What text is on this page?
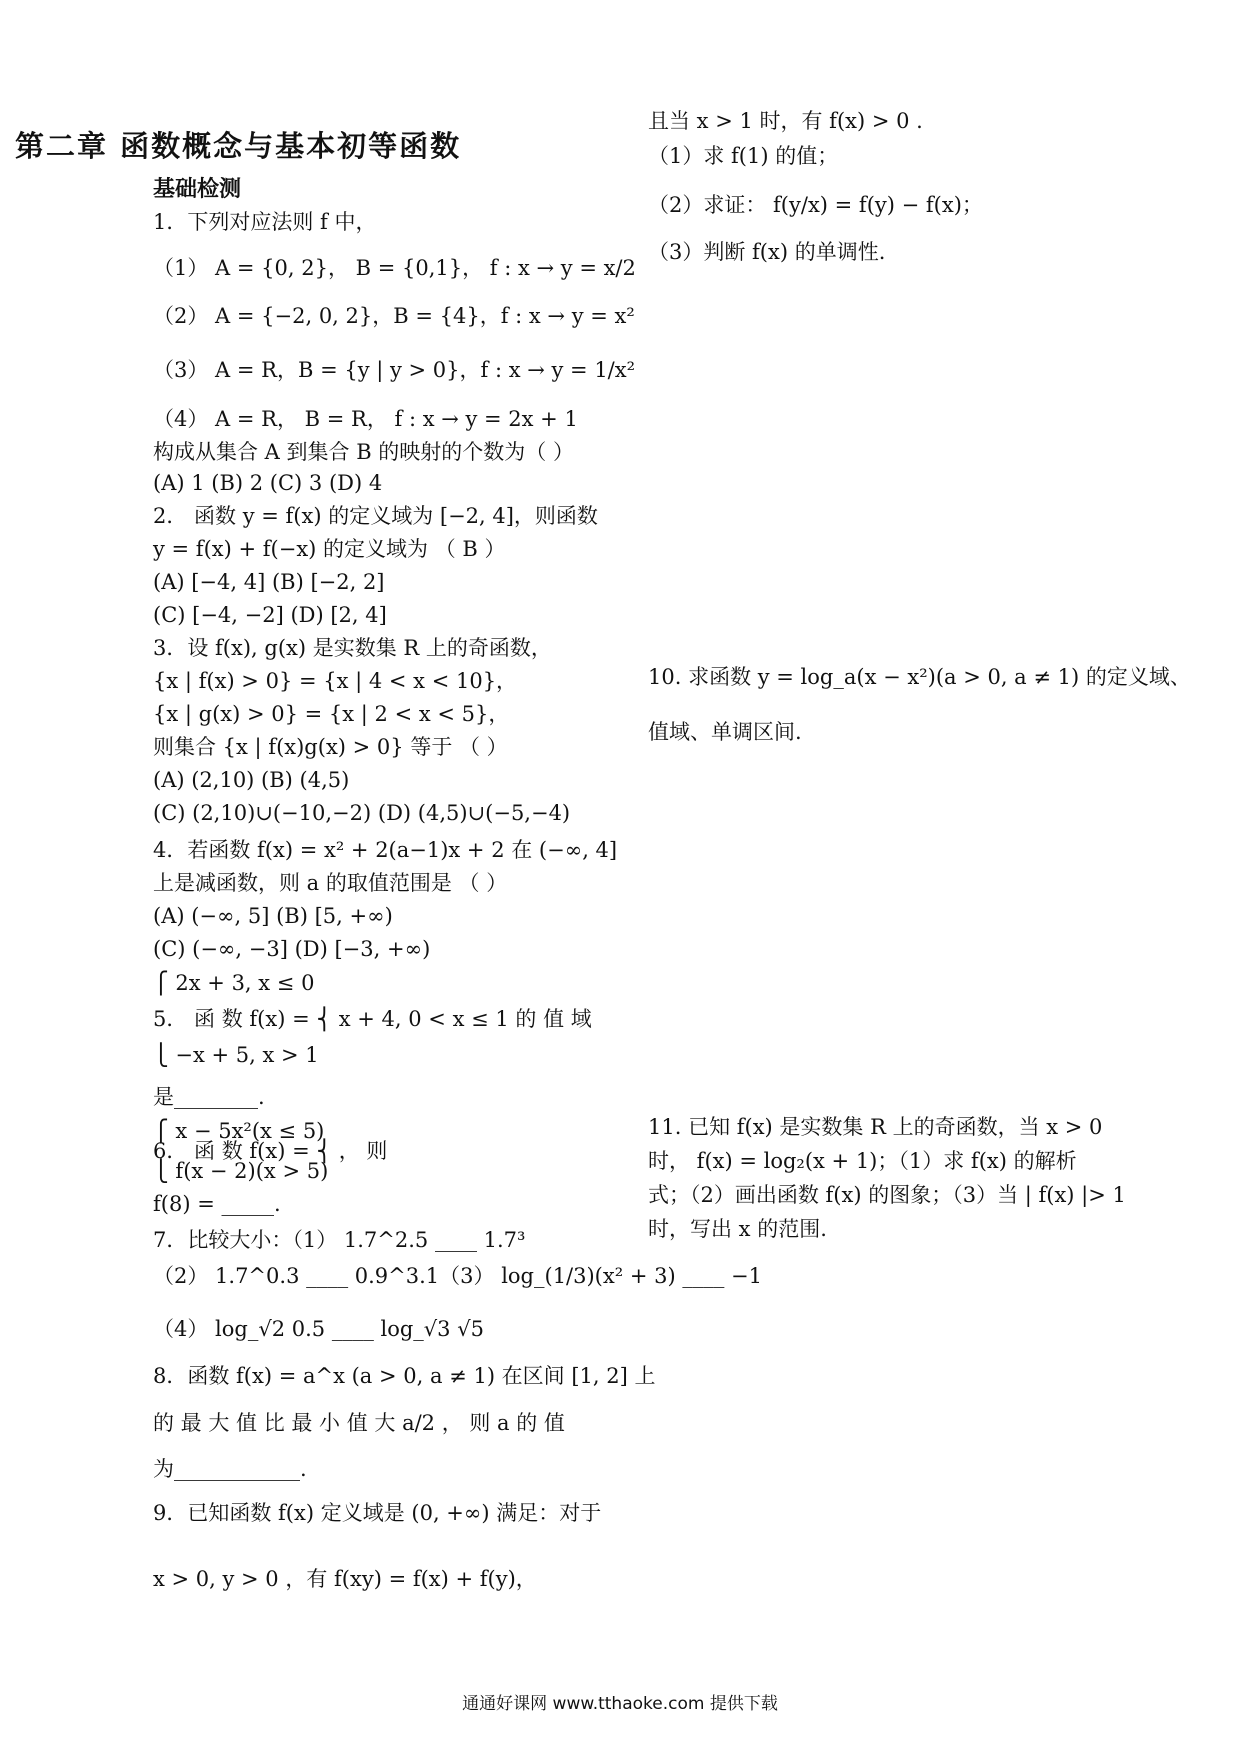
第二章 函数概念与基本初等函数
基础检测
1．下列对应法则 f 中，
（1） A = {0, 2}， B = {0,1}， f : x → y = x/2
（2） A = {−2, 0, 2}，B = {4}，f : x → y = x²
（3） A = R，B = {y | y > 0}，f : x → y = 1/x²
（4） A = R， B = R， f : x → y = 2x + 1
构成从集合 A 到集合 B 的映射的个数为（ ）
(A) 1 (B) 2 (C) 3 (D) 4
2． 函数 y = f(x) 的定义域为 [−2, 4]，则函数
y = f(x) + f(−x) 的定义域为 （ B ）
(A) [−4, 4] (B) [−2, 2]
(C) [−4, −2] (D) [2, 4]
3．设 f(x), g(x) 是实数集 R 上的奇函数，
{x | f(x) > 0} = {x | 4 < x < 10}，
{x | g(x) > 0} = {x | 2 < x < 5}，
则集合 {x | f(x)g(x) > 0} 等于 （ ）
(A) (2,10) (B) (4,5)
(C) (2,10)∪(−10,−2) (D) (4,5)∪(−5,−4)
4．若函数 f(x) = x² + 2(a−1)x + 2 在 (−∞, 4]
上是减函数，则 a 的取值范围是 （ ）
(A) (−∞, 5] (B) [5, +∞)
(C) (−∞, −3] (D) [−3, +∞)
⎧ 2x + 3, x ≤ 0
5． 函 数 f(x) = ⎨ x + 4, 0 < x ≤ 1 的 值 域
⎩ −x + 5, x > 1
是________.
⎧ x − 5x²(x ≤ 5)
6． 函 数 f(x) = ⎨ ， 则
⎩ f(x − 2)(x > 5)
f(8) = _____.
7．比较大小：（1） 1.7^2.5 ____ 1.7³
（2） 1.7^0.3 ____ 0.9^3.1（3） log_(1/3)(x² + 3) ____ −1
（4） log_√2 0.5 ____ log_√3 √5
8．函数 f(x) = a^x (a > 0, a ≠ 1) 在区间 [1, 2] 上
的 最 大 值 比 最 小 值 大 a/2 ， 则 a 的 值
为____________.
9．已知函数 f(x) 定义域是 (0, +∞) 满足：对于
x > 0, y > 0 ，有 f(xy) = f(x) + f(y)，
且当 x > 1 时，有 f(x) > 0 .
（1）求 f(1) 的值；
（2）求证： f(y/x) = f(y) − f(x)；
（3）判断 f(x) 的单调性.
10. 求函数 y = log_a(x − x²)(a > 0, a ≠ 1) 的定义域、
值域、单调区间.
11. 已知 f(x) 是实数集 R 上的奇函数，当 x > 0
时， f(x) = log₂(x + 1)；（1）求 f(x) 的解析
式；（2）画出函数 f(x) 的图象；（3）当 | f(x) |> 1
时，写出 x 的范围.
通通好课网 www.tthaoke.com 提供下载
